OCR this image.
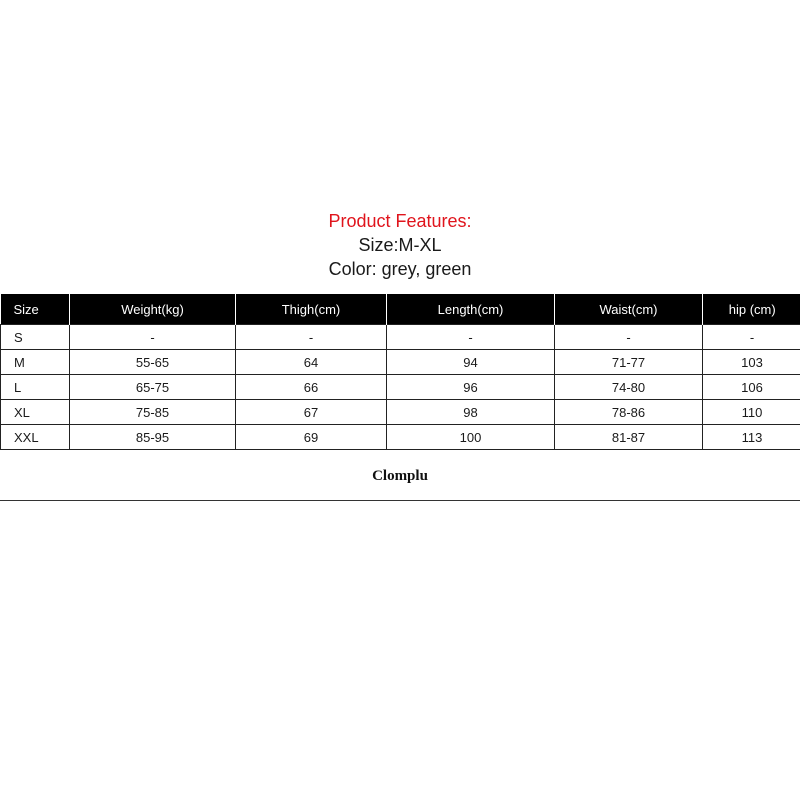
Product Features:
Size:M-XL
Color: grey, green
Size	Weight(kg)	Thigh(cm)	Length(cm)	Waist(cm)	hip (cm)
S	-	-	-	-	-
M	55-65	64	94	71-77	103
L	65-75	66	96	74-80	106
XL	75-85	67	98	78-86	110
XXL	85-95	69	100	81-87	113
Clomplu
